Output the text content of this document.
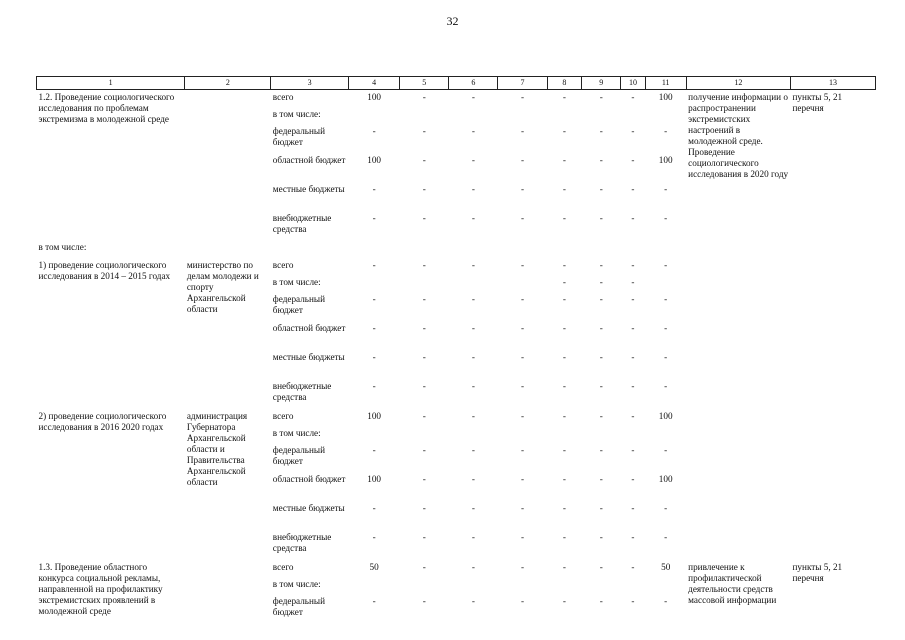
32
1	2	3	4	5	6	7	8	9	10	11	12	13
1.2. Проведение социологического исследования по проблемам экстремизма в молодежной среде		всего	100	-	-	-	-	-	-	100	получение информации о распространении экстремистских настроений в молодежной среде. Проведение социологического исследования в 2020 году	пункты 5, 21 перечня
		в том числе:										
		федеральный бюджет	-	-	-	-	-	-	-	-		
		областной бюджет	100	-	-	-	-	-	-	100		
		местные бюджеты	-	-	-	-	-	-	-	-		
		внебюджетные средства	-	-	-	-	-	-	-	-		
в том числе:												
1) проведение социологического исследования в 2014 – 2015 годах	министерство по делам молодежи и спорту Архангельской области	всего	-	-	-	-	-	-	-	-		
		в том числе:					-	-	-			
		федеральный бюджет	-	-	-	-	-	-	-	-		
		областной бюджет	-	-	-	-	-	-	-	-		
		местные бюджеты	-	-	-	-	-	-	-	-		
		внебюджетные средства	-	-	-	-	-	-	-	-		
2) проведение социологического исследования в 2016 2020 годах	администрация Губернатора Архангельской области и Правительства Архангельской области	всего	100	-	-	-	-	-	-	100		
		в том числе:										
		федеральный бюджет	-	-	-	-	-	-	-	-		
		областной бюджет	100	-	-	-	-	-	-	100		
		местные бюджеты	-	-	-	-	-	-	-	-		
		внебюджетные средства	-	-	-	-	-	-	-	-		
1.3. Проведение областного конкурса социальной рекламы, направленной на профилактику экстремистских проявлений в молодежной среде		всего	50	-	-	-	-	-	-	50	привлечение к профилактической деятельности средств массовой информации	пункты 5, 21 перечня
		в том числе:										
		федеральный бюджет	-	-	-	-	-	-	-	-		
